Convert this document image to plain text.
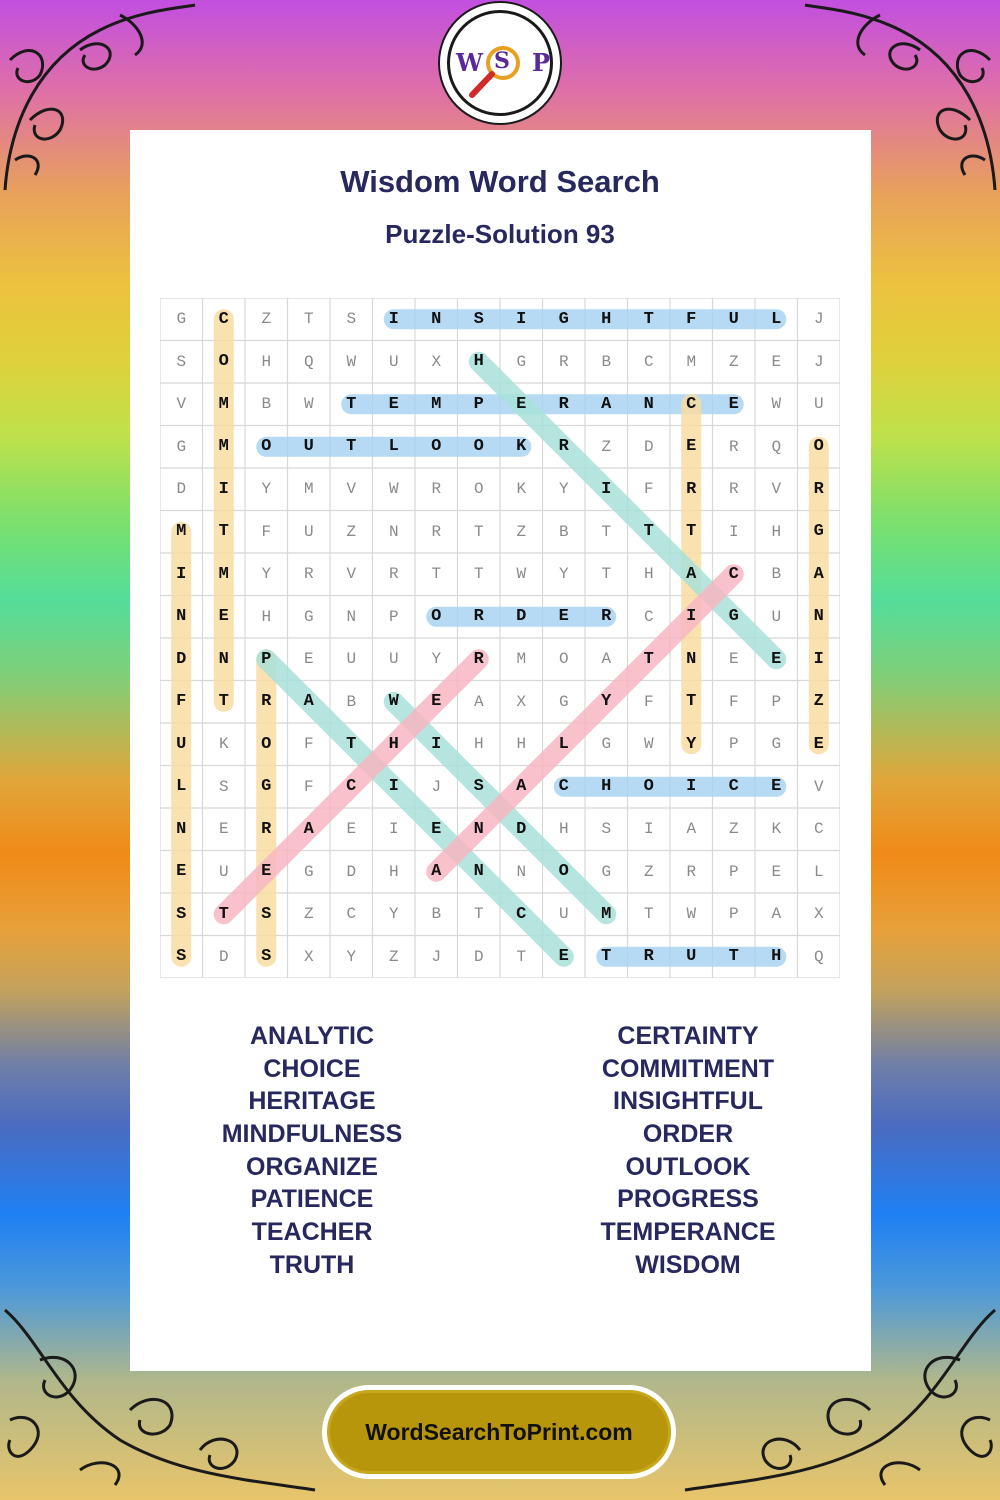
W S P
Wisdom Word Search
Puzzle-Solution 93
G	C	Z	T	S	I	N	S	I	G	H	T	F	U	L	J
S	O	H	Q	W	U	X	H	G	R	B	C	M	Z	E	J
V	M	B	W	T	E	M	P	E	R	A	N	C	E	W	U
G	M	O	U	T	L	O	O	K	R	Z	D	E	R	Q	O
D	I	Y	M	V	W	R	O	K	Y	I	F	R	R	V	R
M	T	F	U	Z	N	R	T	Z	B	T	T	T	I	H	G
I	M	Y	R	V	R	T	T	W	Y	T	H	A	C	B	A
N	E	H	G	N	P	O	R	D	E	R	C	I	G	U	N
D	N	P	E	U	U	Y	R	M	O	A	T	N	E	E	I
F	T	R	A	B	W	E	A	X	G	Y	F	T	F	P	Z
U	K	O	F	T	H	I	H	H	L	G	W	Y	P	G	E
L	S	G	F	C	I	J	S	A	C	H	O	I	C	E	V
N	E	R	A	E	I	E	N	D	H	S	I	A	Z	K	C
E	U	E	G	D	H	A	N	N	O	G	Z	R	P	E	L
S	T	S	Z	C	Y	B	T	C	U	M	T	W	P	A	X
S	D	S	X	Y	Z	J	D	T	E	T	R	U	T	H	Q
ANALYTIC
CHOICE
HERITAGE
MINDFULNESS
ORGANIZE
PATIENCE
TEACHER
TRUTH
CERTAINTY
COMMITMENT
INSIGHTFUL
ORDER
OUTLOOK
PROGRESS
TEMPERANCE
WISDOM
WordSearchToPrint.com
